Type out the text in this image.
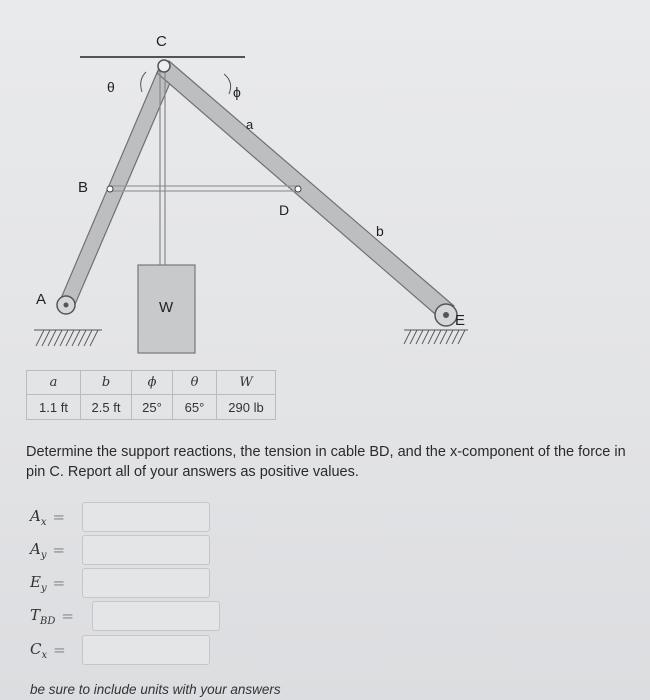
C
B
D
A
E
W
a
b
θ	ϕ
a	b	ϕ	θ	W
1.1 ft	2.5 ft	25°	65°	290 lb
Determine the support reactions, the tension in cable BD, and the x-component of the force in pin C. Report all of your answers as positive values.
$A_x$ =
$A_y$ =
$E_y$ =
$T_{BD}$ =
$C_x$ =
be sure to include units with your answers
